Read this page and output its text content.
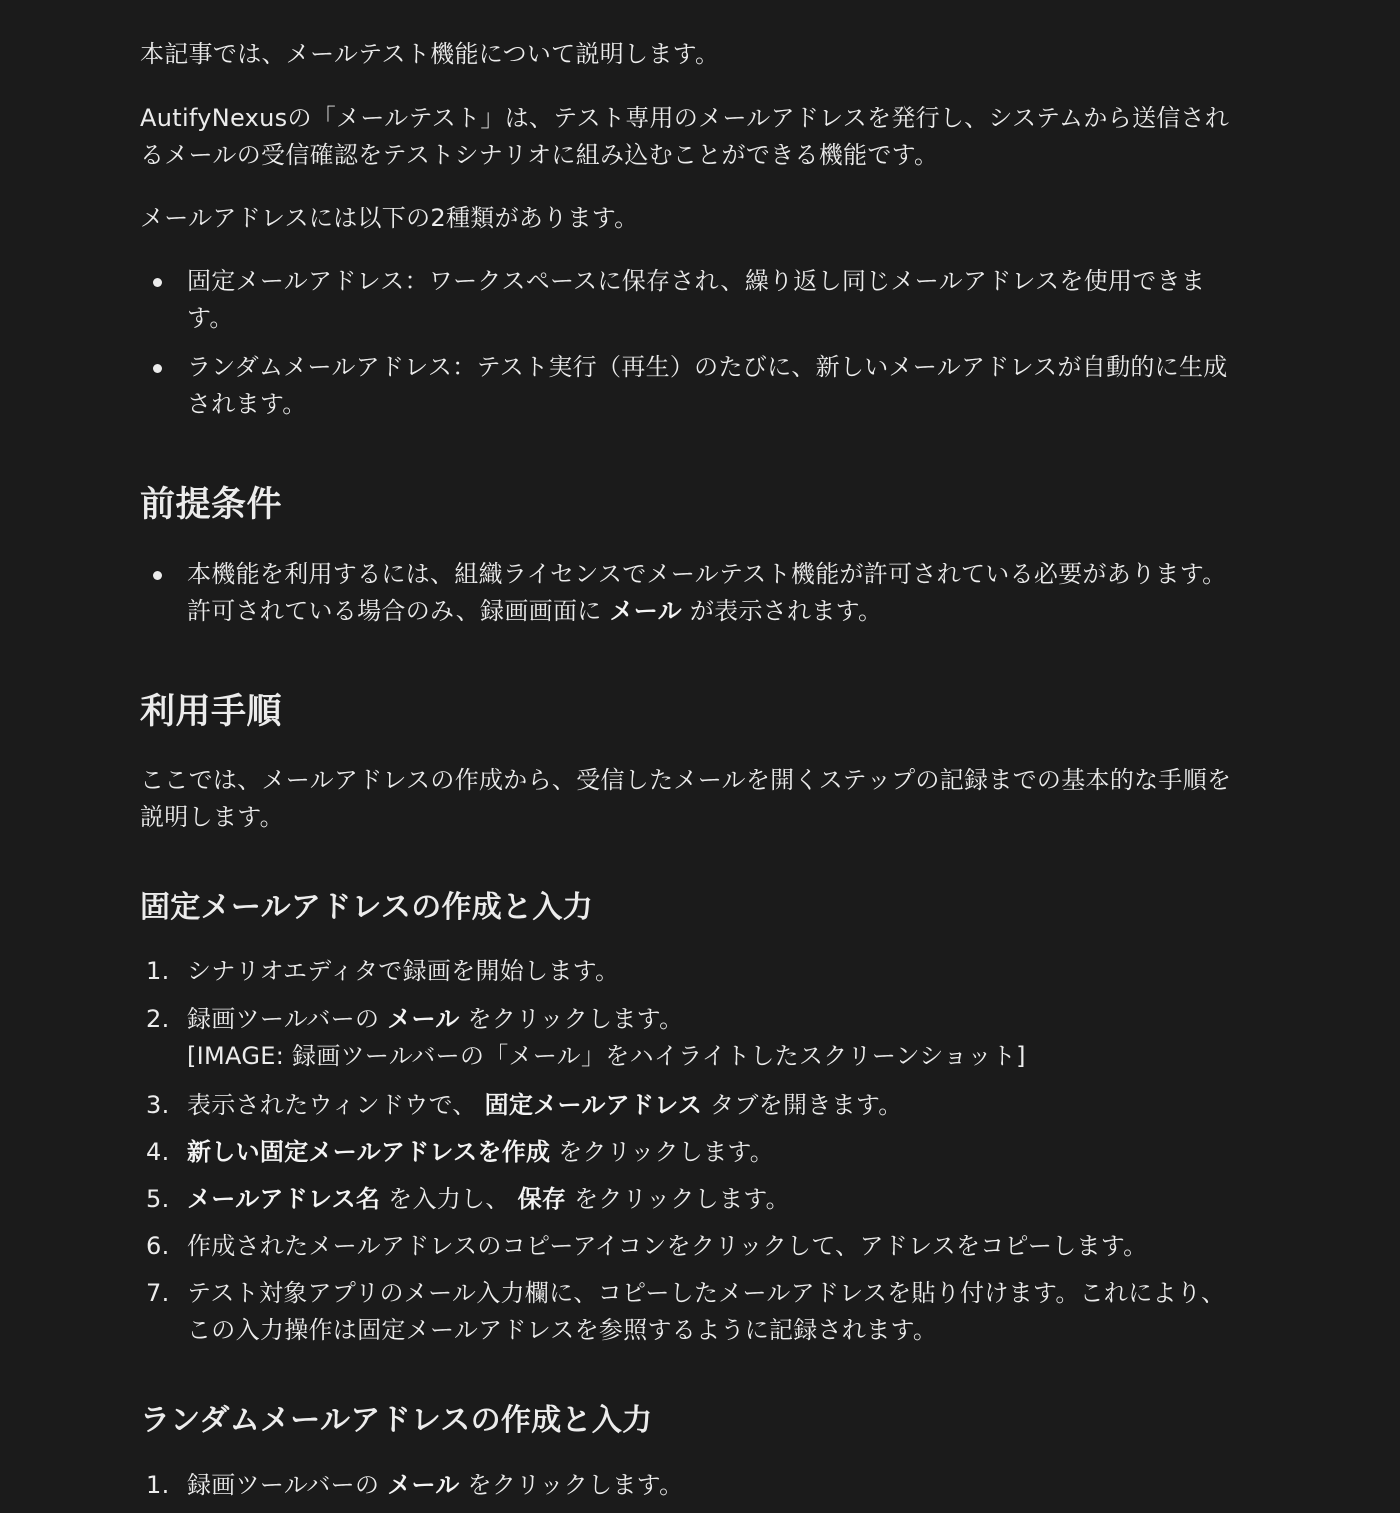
本記事では、メールテスト機能について説明します。

AutifyNexusの「メールテスト」は、テスト専用のメールアドレスを発行し、システムから送信されるメールの受信確認をテストシナリオに組み込むことができる機能です。

メールアドレスには以下の2種類があります。

固定メールアドレス：ワークスペースに保存され、繰り返し同じメールアドレスを使用できます。
ランダムメールアドレス：テスト実行（再生）のたびに、新しいメールアドレスが自動的に生成されます。
前提条件
本機能を利用するには、組織ライセンスでメールテスト機能が許可されている必要があります。許可されている場合のみ、録画画面に メール が表示されます。
利用手順

ここでは、メールアドレスの作成から、受信したメールを開くステップの記録までの基本的な手順を説明します。

固定メールアドレスの作成と入力
1. シナリオエディタで録画を開始します。
2. 録画ツールバーの メール をクリックします。
[IMAGE: 録画ツールバーの「メール」をハイライトしたスクリーンショット]
3. 表示されたウィンドウで、 固定メールアドレス タブを開きます。
4. 新しい固定メールアドレスを作成 をクリックします。
5. メールアドレス名 を入力し、 保存 をクリックします。
6. 作成されたメールアドレスのコピーアイコンをクリックして、アドレスをコピーします。
7. テスト対象アプリのメール入力欄に、コピーしたメールアドレスを貼り付けます。これにより、この入力操作は固定メールアドレスを参照するように記録されます。
ランダムメールアドレスの作成と入力
1. 録画ツールバーの メール をクリックします。
